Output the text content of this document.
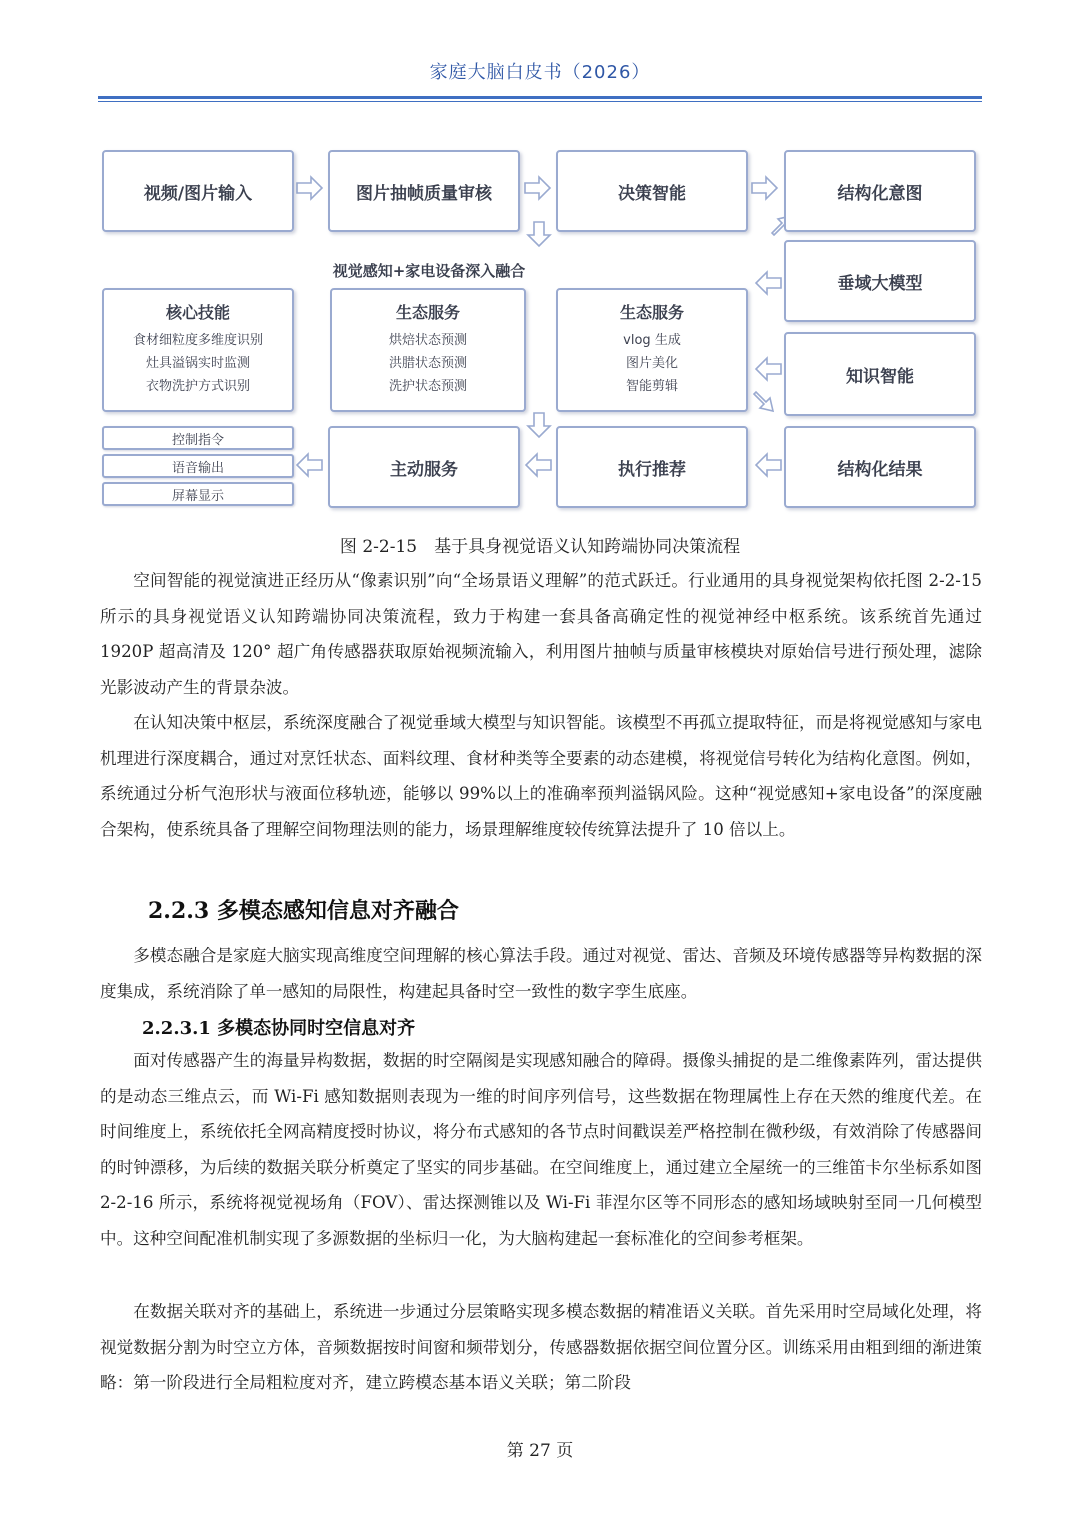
家庭大脑白皮书（2026）
视频/图片输入	图片抽帧质量审核	决策智能	结构化意图
视觉感知+家电设备深入融合
垂域大模型
知识智能
核心技能
食材细粒度多维度识别
灶具溢锅实时监测
衣物洗护方式识别
生态服务
烘焙状态预测
洪腊状态预测
洗护状态预测
生态服务
vlog 生成
图片美化
智能剪辑
控制指令
语音输出
屏幕显示
主动服务	执行推荐	结构化结果
图 2-2-15　基于具身视觉语义认知跨端协同决策流程

空间智能的视觉演进正经历从“像素识别”向“全场景语义理解”的范式跃迁。行业通用的具身视觉架构依托图 2-2-15 所示的具身视觉语义认知跨端协同决策流程，致力于构建一套具备高确定性的视觉神经中枢系统。该系统首先通过 1920P 超高清及 120° 超广角传感器获取原始视频流输入，利用图片抽帧与质量审核模块对原始信号进行预处理，滤除光影波动产生的背景杂波。

在认知决策中枢层，系统深度融合了视觉垂域大模型与知识智能。该模型不再孤立提取特征，而是将视觉感知与家电机理进行深度耦合，通过对烹饪状态、面料纹理、食材种类等全要素的动态建模，将视觉信号转化为结构化意图。例如，系统通过分析气泡形状与液面位移轨迹，能够以 99%以上的准确率预判溢锅风险。这种“视觉感知+家电设备”的深度融合架构，使系统具备了理解空间物理法则的能力，场景理解维度较传统算法提升了 10 倍以上。

2.2.3 多模态感知信息对齐融合

多模态融合是家庭大脑实现高维度空间理解的核心算法手段。通过对视觉、雷达、音频及环境传感器等异构数据的深度集成，系统消除了单一感知的局限性，构建起具备时空一致性的数字孪生底座。

2.2.3.1 多模态协同时空信息对齐

面对传感器产生的海量异构数据，数据的时空隔阂是实现感知融合的障碍。摄像头捕捉的是二维像素阵列，雷达提供的是动态三维点云，而 Wi-Fi 感知数据则表现为一维的时间序列信号，这些数据在物理属性上存在天然的维度代差。在时间维度上，系统依托全网高精度授时协议，将分布式感知的各节点时间戳误差严格控制在微秒级，有效消除了传感器间的时钟漂移，为后续的数据关联分析奠定了坚实的同步基础。在空间维度上，通过建立全屋统一的三维笛卡尔坐标系如图 2-2-16 所示，系统将视觉视场角（FOV）、雷达探测锥以及 Wi-Fi 菲涅尔区等不同形态的感知场域映射至同一几何模型中。这种空间配准机制实现了多源数据的坐标归一化，为大脑构建起一套标准化的空间参考框架。

在数据关联对齐的基础上，系统进一步通过分层策略实现多模态数据的精准语义关联。首先采用时空局域化处理，将视觉数据分割为时空立方体，音频数据按时间窗和频带划分，传感器数据依据空间位置分区。训练采用由粗到细的渐进策略：第一阶段进行全局粗粒度对齐，建立跨模态基本语义关联；第二阶段

第 27 页
